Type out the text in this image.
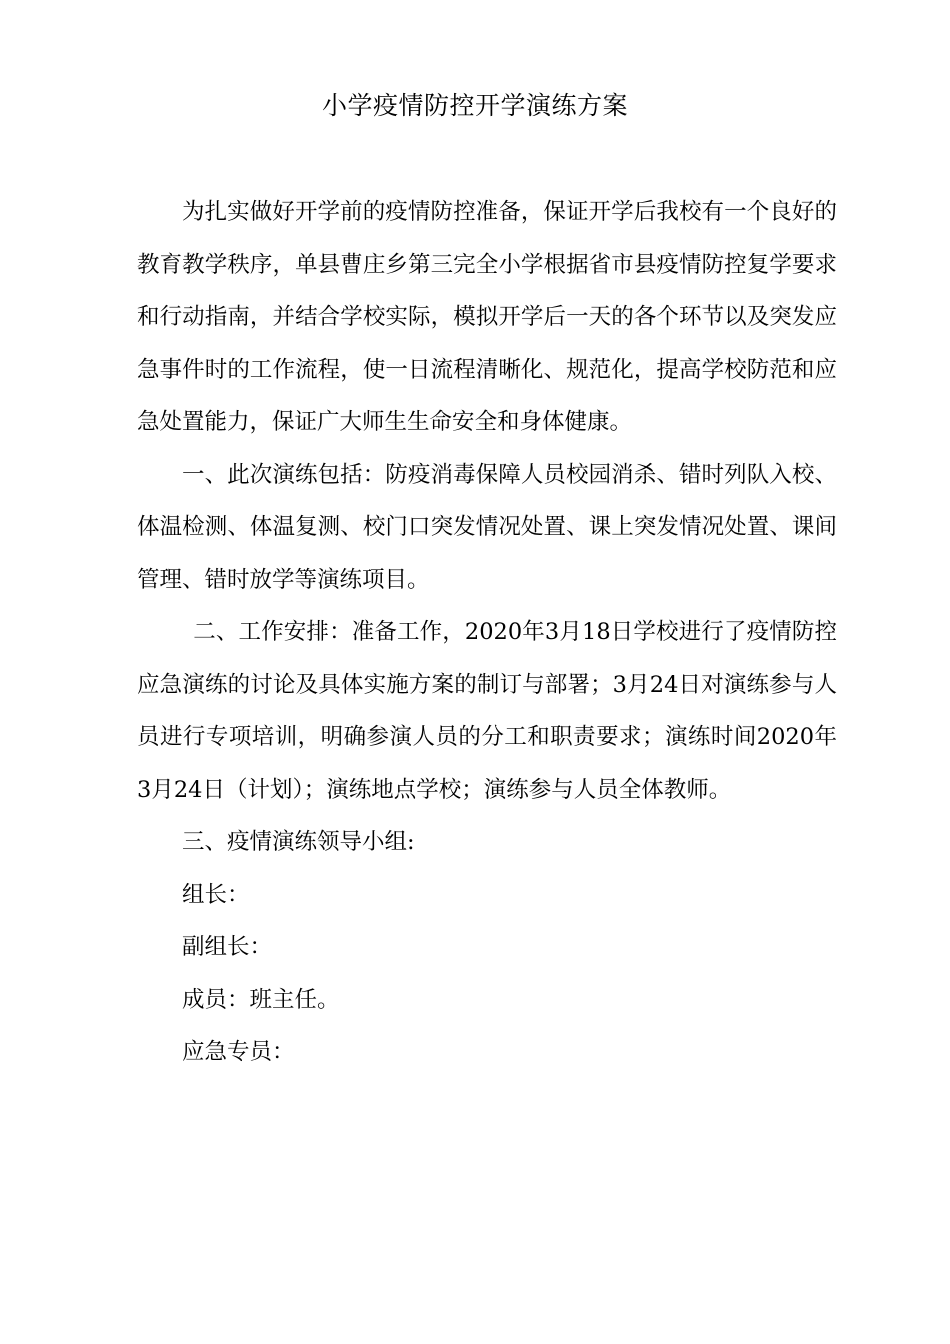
小学疫情防控开学演练方案

为扎实做好开学前的疫情防控准备，保证开学后我校有一个良好的教育教学秩序，单县曹庄乡第三完全小学根据省市县疫情防控复学要求和行动指南，并结合学校实际，模拟开学后一天的各个环节以及突发应急事件时的工作流程，使一日流程清晰化、规范化，提高学校防范和应急处置能力，保证广大师生生命安全和身体健康。

一、此次演练包括：防疫消毒保障人员校园消杀、错时列队入校、体温检测、体温复测、校门口突发情况处置、课上突发情况处置、课间管理、错时放学等演练项目。

二、工作安排：准备工作，2020年3月18日学校进行了疫情防控应急演练的讨论及具体实施方案的制订与部署；3月24日对演练参与人员进行专项培训，明确参演人员的分工和职责要求；演练时间2020年3月24日（计划）；演练地点学校；演练参与人员全体教师。

三、疫情演练领导小组:

组长：

副组长：

成员：班主任。

应急专员：
